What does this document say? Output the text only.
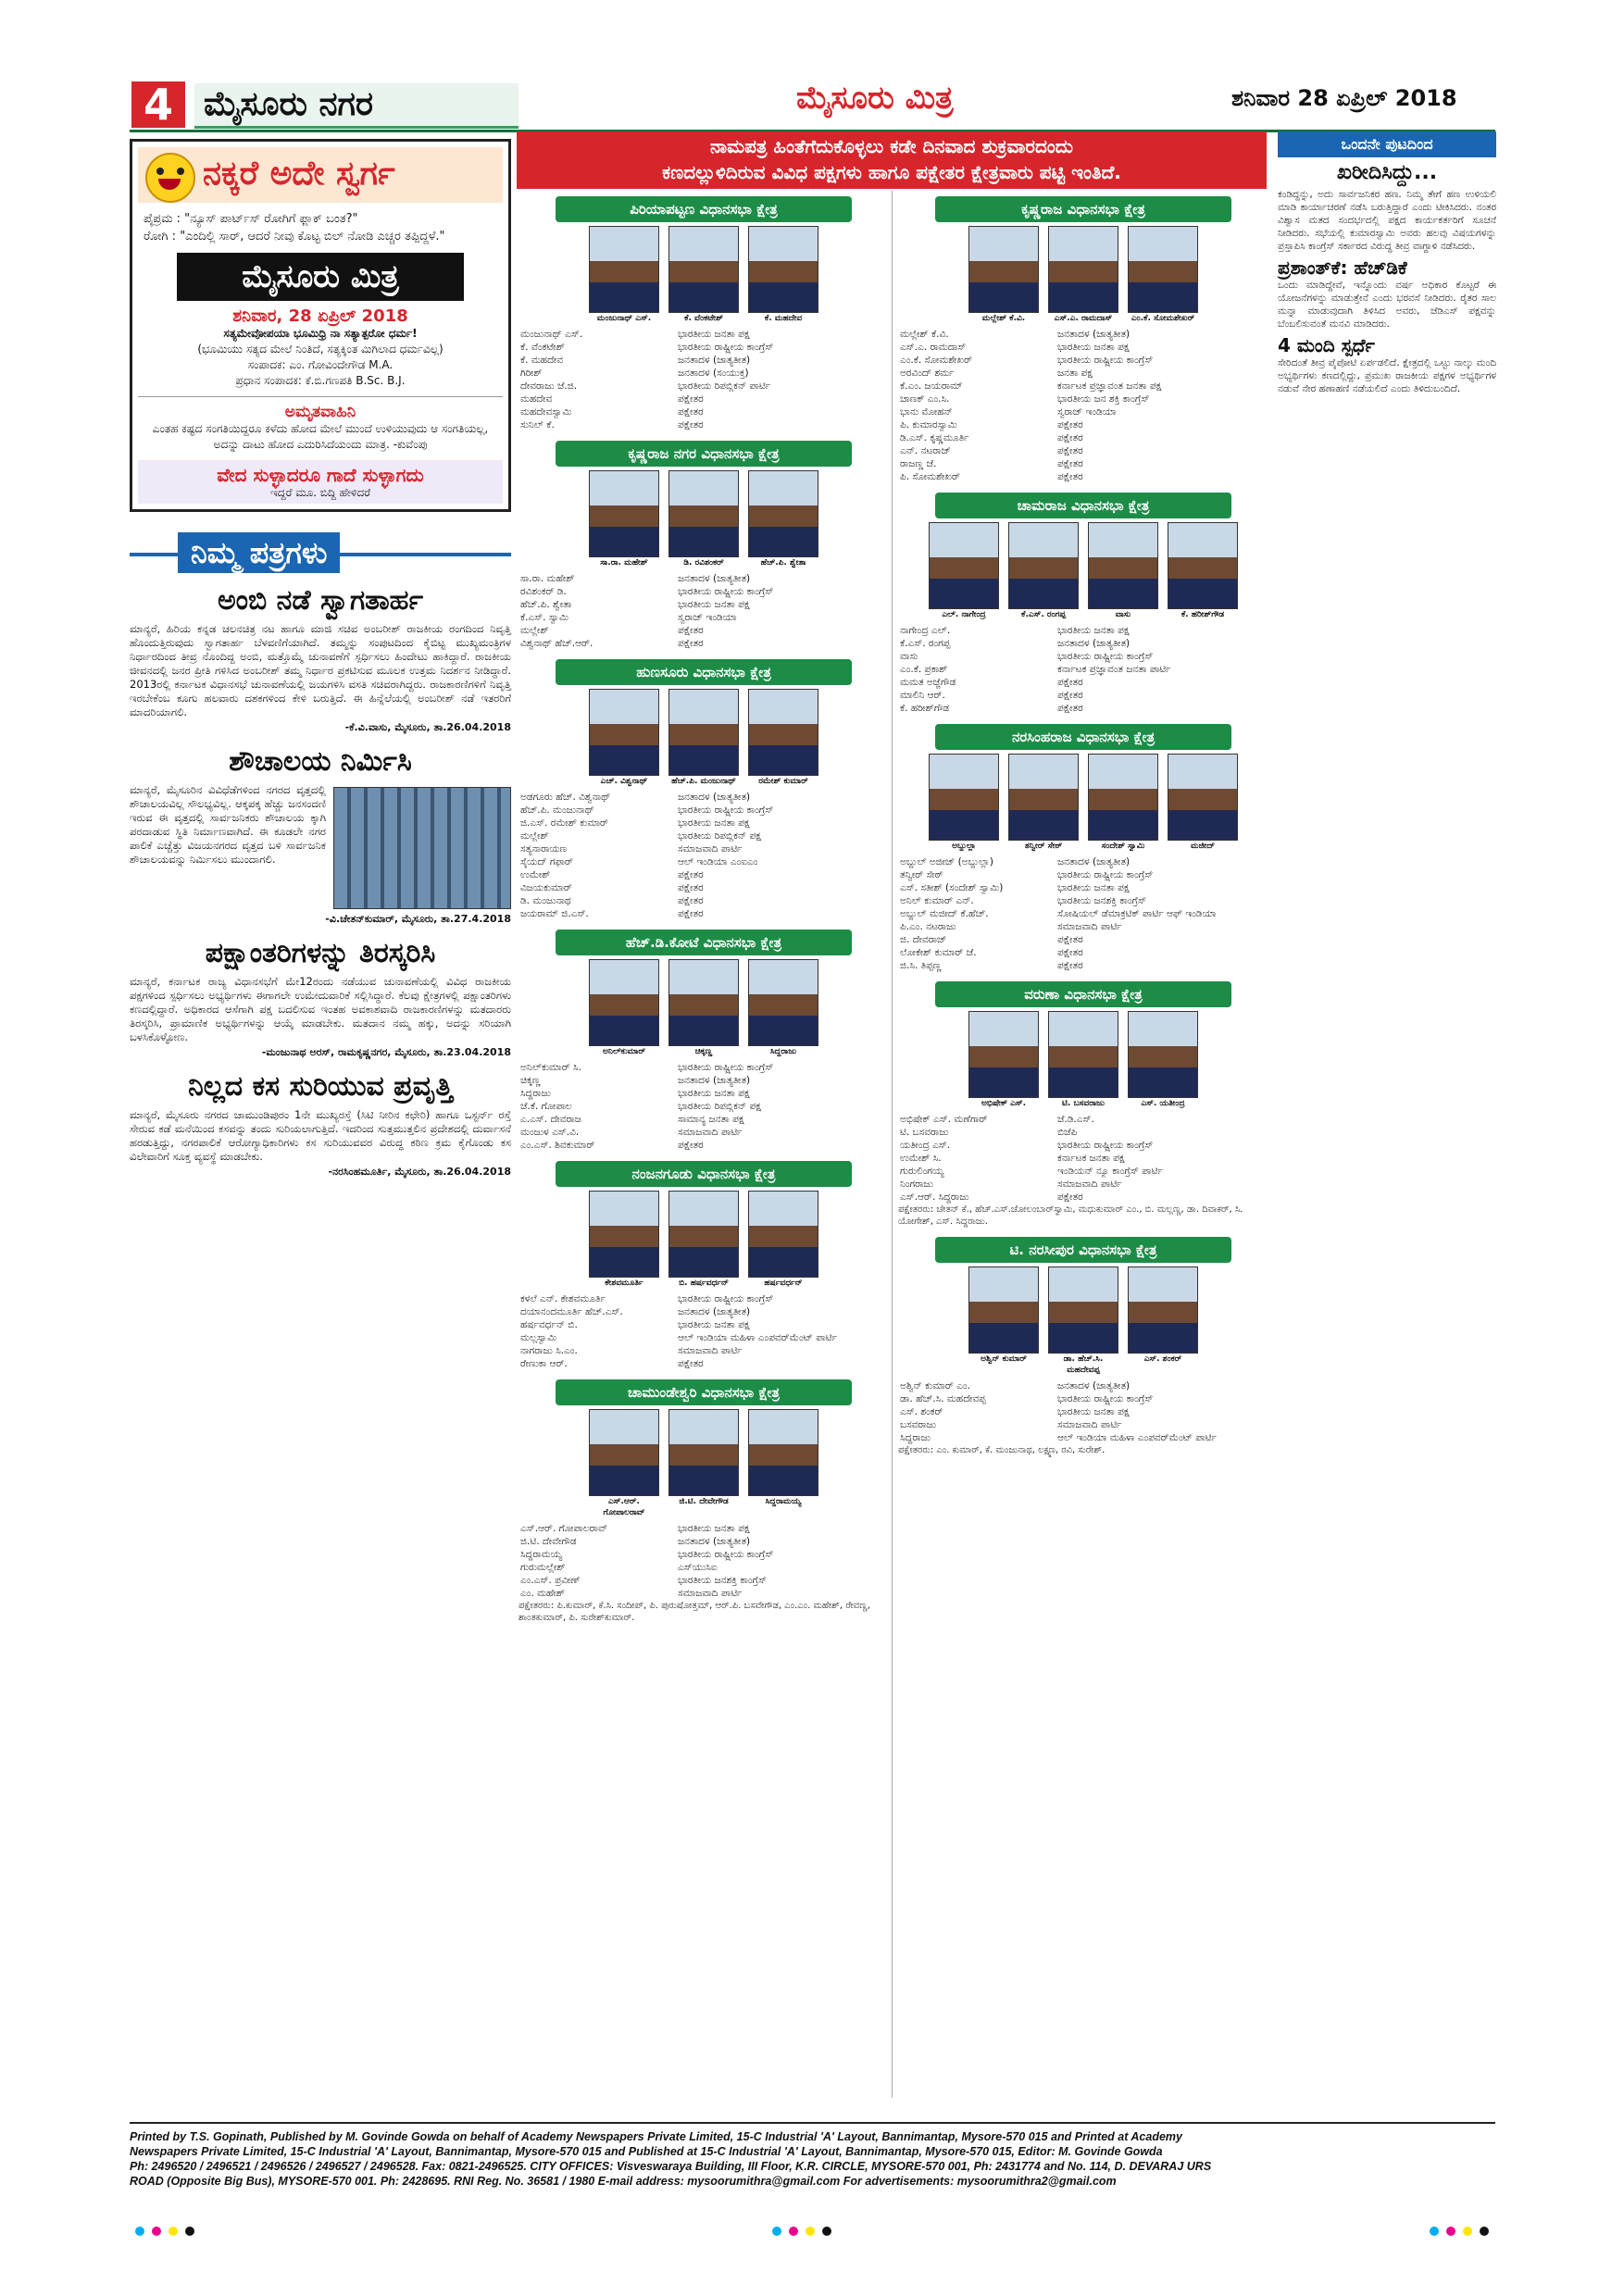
4 ಮೈಸೂರು ನಗರ	ಮೈಸೂರು ಮಿತ್ರ	ಶನಿವಾರ 28 ಏಪ್ರಿಲ್ 2018
ನಕ್ಕರೆ ಅದೇ ಸ್ವರ್ಗ
ಪೈಪ್ರಮ : "ನ್ಯೂಸ್ ಪಾರ್ಟ್‌ಸ್ ರೋಗಿಗೆ ಫ್ಲಾಕ್ ಬಂತ?"
ರೋಗಿ : "ಎಂದಿಲ್ಲಿ ಸಾರ್, ಆದರೆ ನೀವು ಕೊಟ್ಟ ಬಿಲ್ ನೋಡಿ ಎಚ್ಚರ ತಪ್ಪಿದ್ದಳೆ."
ಮೈಸೂರು ಮಿತ್ರ
ಶನಿವಾರ, 28 ಏಪ್ರಿಲ್ 2018
ಸತ್ಯಮೇವೋಪಯಾ ಭೂಮಿಧ್ರಿ ನಾ ಸತ್ಯಾತ್ಪರೋ ಧರ್ಮ!
(ಭೂಮಿಯು ಸತ್ಯದ ಮೇಲೆ ನಿಂತಿದೆ, ಸತ್ಯಕ್ಕಿಂತ ಮಿಗಿಲಾದ ಧರ್ಮವಿಲ್ಲ)
ಸಂಪಾದಕ: ಎಂ. ಗೋವಿಂದೇಗೌಡ M.A.
ಪ್ರಧಾನ ಸಂಪಾದಕ: ಕೆ.ಬಿ.ಗಣಪತಿ B.Sc. B.J.
ಅಮೃತವಾಹಿನಿ
ಎಂತಹ ಕಷ್ಟದ ಸಂಗತಿಯಿದ್ದರೂ ಕಳೆದು ಹೋದ ಮೇಲೆ ಮುಂದೆ ಉಳಿಯುವುದು ಆ ಸಂಗತಿಯಲ್ಲ, ಅದನ್ನು ದಾಟು ಹೋದ ಎದುರಿಸಿದೆಯಂದು ಮಾತ್ರ. -ಕುವೆಂಪು
ವೇದ ಸುಳ್ಳಾದರೂ ಗಾದೆ ಸುಳ್ಳಾಗದು
ಇದ್ದರೆ ಮೂ. ಬಿದ್ದಿ ಹೇಳಿದರೆ
ನಿಮ್ಮ ಪತ್ರಗಳು
ಅಂಬಿ ನಡೆ ಸ್ವಾಗತಾರ್ಹ
ಮಾನ್ಯರೆ, ಹಿರಿಯ ಕನ್ನಡ ಚಲನಚಿತ್ರ ನಟ ಹಾಗೂ ಮಾಜಿ ಸಚಿವ ಅಂಬರೀಶ್ ರಾಜಕೀಯ ರಂಗದಿಂದ ನಿವೃತ್ತಿ ಹೊಂದುತ್ತಿರುವುದು ಸ್ವಾಗತಾರ್ಹ ಬೆಳವಣಿಗೆಯಾಗಿದೆ. ತಮ್ಮನ್ನು ಸಂಪುಟದಿಂದ ಕೈಬಿಟ್ಟ ಮುಖ್ಯಮಂತ್ರಿಗಳ ನಿರ್ಧಾರದಿಂದ ತೀವ್ರ ನೊಂದಿದ್ದ ಅಂಬಿ, ಮತ್ತೊಮ್ಮೆ ಚುನಾವಣೆಗೆ ಸ್ಪರ್ಧಿಸಲು ಹಿಂದೇಟು ಹಾಕಿದ್ದಾರೆ. ರಾಜಕೀಯ ಜೀವನದಲ್ಲಿ ಜನರ ಪ್ರೀತಿ ಗಳಿಸಿದ ಅಂಬರೀಶ್ ತಮ್ಮ ನಿರ್ಧಾರ ಪ್ರಕಟಿಸುವ ಮೂಲಕ ಉತ್ತಮ ನಿದರ್ಶನ ನೀಡಿದ್ದಾರೆ. 2013ರಲ್ಲಿ ಕರ್ನಾಟಕ ವಿಧಾನಸಭೆ ಚುನಾವಣೆಯಲ್ಲಿ ಜಯಗಳಿಸಿ ವಸತಿ ಸಚಿವರಾಗಿದ್ದರು. ರಾಜಕಾರಣಿಗಳಿಗೆ ನಿವೃತ್ತಿ ಇರಬೇಕೆಂಬ ಕೂಗು ಹಲವಾರು ದಶಕಗಳಿಂದ ಕೇಳಿ ಬರುತ್ತಿದೆ. ಈ ಹಿನ್ನೆಲೆಯಲ್ಲಿ ಅಂಬರೀಶ್ ನಡೆ ಇತರರಿಗೆ ಮಾದರಿಯಾಗಲಿ.
-ಕೆ.ವಿ.ವಾಸು, ಮೈಸೂರು, ತಾ.26.04.2018
ಶೌಚಾಲಯ ನಿರ್ಮಿಸಿ
ಮಾನ್ಯರೆ, ಮೈಸೂರಿನ ವಿವಿಧೆಡೆಗಳಿಂದ ನಗರದ ವೃತ್ತದಲ್ಲಿ ಶೌಚಾಲಯವಿಲ್ಲ ಸೌಲಭ್ಯವಿಲ್ಲ. ಆಕ್ಕಪಕ್ಕ ಹೆಚ್ಚು ಜನಸಂದಣಿ ಇರುವ ಈ ವೃತ್ತದಲ್ಲಿ ಸಾರ್ವಜನಿಕರು ಶೌಚಾಲಯ ಕ್ಕಾಗಿ ಪರದಾಡುವ ಸ್ಥಿತಿ ನಿರ್ಮಾಣವಾಗಿದೆ. ಈ ಕೂಡಲೇ ನಗರ ಪಾಲಿಕೆ ಎಚ್ಚೆತ್ತು ವಿಜಯನಗರದ ವೃತ್ತದ ಬಳಿ ಸಾರ್ವಜನಿಕ ಶೌಚಾಲಯವನ್ನು ನಿರ್ಮಿಸಲು ಮುಂದಾಗಲಿ.
-ವಿ.ಚೇತನ್‌ಕುಮಾರ್, ಮೈಸೂರು, ತಾ.27.4.2018
ಪಕ್ಷಾಂತರಿಗಳನ್ನು ತಿರಸ್ಕರಿಸಿ
ಮಾನ್ಯರೆ, ಕರ್ನಾಟಕ ರಾಜ್ಯ ವಿಧಾನಸಭೆಗೆ ಮೇ12ರಂದು ನಡೆಯುವ ಚುನಾವಣೆಯಲ್ಲಿ ವಿವಿಧ ರಾಜಕೀಯ ಪಕ್ಷಗಳಿಂದ ಸ್ಪರ್ಧಿಸಲು ಅಭ್ಯರ್ಥಿಗಳು ಈಗಾಗಲೇ ಉಮೇದುವಾರಿಕೆ ಸಲ್ಲಿಸಿದ್ದಾರೆ. ಕೆಲವು ಕ್ಷೇತ್ರಗಳಲ್ಲಿ ಪಕ್ಷಾಂತರಿಗಳು ಕಣದಲ್ಲಿದ್ದಾರೆ. ಅಧಿಕಾರದ ಆಸೆಗಾಗಿ ಪಕ್ಷ ಬದಲಿಸುವ ಇಂತಹ ಅವಕಾಶವಾದಿ ರಾಜಕಾರಣಿಗಳನ್ನು ಮತದಾರರು ತಿರಸ್ಕರಿಸಿ, ಪ್ರಾಮಾಣಿಕ ಅಭ್ಯರ್ಥಿಗಳನ್ನು ಆಯ್ಕೆ ಮಾಡಬೇಕು. ಮತದಾನ ನಮ್ಮ ಹಕ್ಕು, ಅದನ್ನು ಸರಿಯಾಗಿ ಬಳಸಿಕೊಳ್ಳೋಣ.
-ಮಂಜುನಾಥ ಅರಸ್, ರಾಮಕೃಷ್ಣನಗರ, ಮೈಸೂರು, ತಾ.23.04.2018
ನಿಲ್ಲದ ಕಸ ಸುರಿಯುವ ಪ್ರವೃತ್ತಿ
ಮಾನ್ಯರೆ, ಮೈಸೂರು ನಗರದ ಚಾಮುಂಡಿಪುರಂ 1ನೇ ಮುಖ್ಯರಸ್ತೆ (ಸಿಟಿ ನೀರಿನ ಕಛೇರಿ) ಹಾಗೂ ಒಸ್ಟರ್ನ್ ರಸ್ತೆ ಸೇರುವ ಕಡೆ ಮನೆಯಿಂದ ಕಸವನ್ನು ತಂದು ಸುರಿಯಲಾಗುತ್ತಿದೆ. ಇದರಿಂದ ಸುತ್ತಮುತ್ತಲಿನ ಪ್ರದೇಶದಲ್ಲಿ ದುರ್ವಾಸನೆ ಹರಡುತ್ತಿದ್ದು, ನಗರಪಾಲಿಕೆ ಆರೋಗ್ಯಾಧಿಕಾರಿಗಳು ಕಸ ಸುರಿಯುವವರ ವಿರುದ್ಧ ಕಠಿಣ ಕ್ರಮ ಕೈಗೊಂಡು ಕಸ ವಿಲೇವಾರಿಗೆ ಸೂಕ್ತ ವ್ಯವಸ್ಥೆ ಮಾಡಬೇಕು.
-ನರಸಿಂಹಮೂರ್ತಿ, ಮೈಸೂರು, ತಾ.26.04.2018
ನಾಮಪತ್ರ ಹಿಂತೆಗೆದುಕೊಳ್ಳಲು ಕಡೇ ದಿನವಾದ ಶುಕ್ರವಾರದಂದು
ಕಣದಲ್ಲುಳಿದಿರುವ ವಿವಿಧ ಪಕ್ಷಗಳು ಹಾಗೂ ಪಕ್ಷೇತರ ಕ್ಷೇತ್ರವಾರು ಪಟ್ಟಿ ಇಂತಿದೆ.
ಪಿರಿಯಾಪಟ್ಟಣ ವಿಧಾನಸಭಾ ಕ್ಷೇತ್ರ
ಮಂಜುನಾಥ್ ಎಸ್.	ಕೆ. ವೆಂಕಟೇಶ್	ಕೆ. ಮಹದೇವ
ಮಂಜುನಾಥ್ ಎಸ್.	ಭಾರತೀಯ ಜನತಾ ಪಕ್ಷ
ಕೆ. ವೆಂಕಟೇಶ್	ಭಾರತೀಯ ರಾಷ್ಟ್ರೀಯ ಕಾಂಗ್ರೆಸ್
ಕೆ. ಮಹದೇವ	ಜನತಾದಳ (ಜಾತ್ಯತೀತ)
ಗಿರೀಶ್	ಜನತಾದಳ (ಸಂಯುಕ್ತ)
ದೇವರಾಜು ಜೆ.ಜಿ.	ಭಾರತೀಯ ರಿಪಬ್ಲಿಕನ್ ಪಾರ್ಟಿ
ಮಹದೇವ	ಪಕ್ಷೇತರ
ಮಹದೇವಸ್ವಾಮಿ	ಪಕ್ಷೇತರ
ಸುನಿಲ್ ಕೆ.	ಪಕ್ಷೇತರ
ಕೃಷ್ಣರಾಜ ನಗರ ವಿಧಾನಸಭಾ ಕ್ಷೇತ್ರ
ಸಾ.ರಾ. ಮಹೇಶ್	ಡಿ. ರವಿಶಂಕರ್	ಹೆಚ್.ಪಿ. ಶ್ವೇತಾ
ಸಾ.ರಾ. ಮಹೇಶ್	ಜನತಾದಳ (ಜಾತ್ಯತೀತ)
ರವಿಶಂಕರ್ ಡಿ.	ಭಾರತೀಯ ರಾಷ್ಟ್ರೀಯ ಕಾಂಗ್ರೆಸ್
ಹೆಚ್.ಪಿ. ಶ್ವೇತಾ	ಭಾರತೀಯ ಜನತಾ ಪಕ್ಷ
ಕೆ.ಎಸ್. ಸ್ವಾಮಿ	ಸ್ವರಾಜ್ ಇಂಡಿಯಾ
ಮಲ್ಲೇಶ್	ಪಕ್ಷೇತರ
ವಿಶ್ವನಾಥ್ ಹೆಚ್.ಆರ್.	ಪಕ್ಷೇತರ
ಹುಣಸೂರು ವಿಧಾನಸಭಾ ಕ್ಷೇತ್ರ
ಎಚ್. ವಿಶ್ವನಾಥ್	ಹೆಚ್.ಪಿ. ಮಂಜುನಾಥ್	ರಮೇಶ್ ಕುಮಾರ್
ಅಡಗೂರು ಹೆಚ್. ವಿಶ್ವನಾಥ್	ಜನತಾದಳ (ಜಾತ್ಯತೀತ)
ಹೆಚ್.ಪಿ. ಮಂಜುನಾಥ್	ಭಾರತೀಯ ರಾಷ್ಟ್ರೀಯ ಕಾಂಗ್ರೆಸ್
ಜಿ.ಎಸ್. ರಮೇಶ್ ಕುಮಾರ್	ಭಾರತೀಯ ಜನತಾ ಪಕ್ಷ
ಮಲ್ಲೇಶ್	ಭಾರತೀಯ ರಿಪಬ್ಲಿಕನ್ ಪಕ್ಷ
ಸತ್ಯನಾರಾಯಣ	ಸಮಾಜವಾದಿ ಪಾರ್ಟಿ
ಸೈಯದ್ ಗಫಾರ್	ಆಲ್ ಇಂಡಿಯಾ ಎಂಐಎಂ
ಉಮೇಶ್	ಪಕ್ಷೇತರ
ವಿಜಯಕುಮಾರ್	ಪಕ್ಷೇತರ
ಡಿ. ಮಂಜುನಾಥ	ಪಕ್ಷೇತರ
ಜಯರಾಮ್ ಜಿ.ಎಸ್.	ಪಕ್ಷೇತರ
ಹೆಚ್.ಡಿ.ಕೋಟೆ ವಿಧಾನಸಭಾ ಕ್ಷೇತ್ರ
ಅನಿಲ್‌ಕುಮಾರ್	ಚಿಕ್ಕಣ್ಣ	ಸಿದ್ದರಾಜು
ಅನಿಲ್‌ಕುಮಾರ್ ಸಿ.	ಭಾರತೀಯ ರಾಷ್ಟ್ರೀಯ ಕಾಂಗ್ರೆಸ್
ಚಿಕ್ಕಣ್ಣ	ಜನತಾದಳ (ಜಾತ್ಯತೀತ)
ಸಿದ್ದರಾಜು	ಭಾರತೀಯ ಜನತಾ ಪಕ್ಷ
ಜೆ.ಕೆ. ಗೋಪಾಲ	ಭಾರತೀಯ ರಿಪಬ್ಲಿಕನ್ ಪಕ್ಷ
ಎ.ಎಸ್. ದೇವರಾಜ	ಸಾಮಾನ್ಯ ಜನತಾ ಪಕ್ಷ
ಮಂಜುಳ ಎಸ್.ವಿ.	ಸಮಾಜವಾದಿ ಪಾರ್ಟಿ
ಎಂ.ಎಸ್. ಶಿವಕುಮಾರ್	ಪಕ್ಷೇತರ
ನಂಜನಗೂಡು ವಿಧಾನಸಭಾ ಕ್ಷೇತ್ರ
ಕೇಶವಮೂರ್ತಿ	ಬಿ. ಹರ್ಷವರ್ಧನ್	ಹರ್ಷವರ್ಧನ್
ಕಳಲೆ ಎನ್. ಕೇಶವಮೂರ್ತಿ	ಭಾರತೀಯ ರಾಷ್ಟ್ರೀಯ ಕಾಂಗ್ರೆಸ್
ದಯಾನಂದಮೂರ್ತಿ ಹೆಚ್.ಎಸ್.	ಜನತಾದಳ (ಜಾತ್ಯತೀತ)
ಹರ್ಷವರ್ಧನ್ ಬಿ.	ಭಾರತೀಯ ಜನತಾ ಪಕ್ಷ
ಮಲ್ಲಸ್ವಾಮಿ	ಆಲ್ ಇಂಡಿಯಾ ಮಹಿಳಾ ಎಂಪವರ್‌ಮೆಂಟ್ ಪಾರ್ಟಿ
ನಾಗರಾಜು ಸಿ.ಎಂ.	ಸಮಾಜವಾದಿ ಪಾರ್ಟಿ
ರೇಣುಕಾ ಆರ್.	ಪಕ್ಷೇತರ
ಚಾಮುಂಡೇಶ್ವರಿ ವಿಧಾನಸಭಾ ಕ್ಷೇತ್ರ
ಎಸ್.ಆರ್. ಗೋಪಾಲರಾವ್
ಜಿ.ಟಿ. ದೇವೇಗೌಡ	ಸಿದ್ದರಾಮಯ್ಯ
ಎಸ್.ಆರ್. ಗೋಪಾಲರಾವ್	ಭಾರತೀಯ ಜನತಾ ಪಕ್ಷ
ಜಿ.ಟಿ. ದೇವೇಗೌಡ	ಜನತಾದಳ (ಜಾತ್ಯತೀತ)
ಸಿದ್ದರಾಮಯ್ಯ	ಭಾರತೀಯ ರಾಷ್ಟ್ರೀಯ ಕಾಂಗ್ರೆಸ್
ಗುರುಮಲ್ಲೇಶ್	ಎಸ್‌ಯುಸಿಐ
ಎಂ.ಎಸ್. ಪ್ರವೀಣ್	ಭಾರತೀಯ ಜನಶಕ್ತಿ ಕಾಂಗ್ರೆಸ್
ಎಂ. ಮಹೇಶ್	ಸಮಾಜವಾದಿ ಪಾರ್ಟಿ
ಪಕ್ಷೇತರರು: ಪಿ.ಕುಮಾರ್, ಕೆ.ಸಿ. ಸಂದೀಪ್, ಪಿ. ಪುರುಷೋತ್ತಮ್, ಆರ್.ಪಿ. ಬಸವೇಗೌಡ, ಎಂ.ಎಂ. ಮಹೇಶ್, ರೇವಣ್ಣ, ಶಾಂತಕುಮಾರ್, ಪಿ. ಸುರೇಶ್‌ಕುಮಾರ್.
ಕೃಷ್ಣರಾಜ ವಿಧಾನಸಭಾ ಕ್ಷೇತ್ರ
ಮಲ್ಲೇಶ್ ಕೆ.ವಿ.	ಎಸ್.ಎ. ರಾಮದಾಸ್	ಎಂ.ಕೆ. ಸೋಮಶೇಖರ್
ಮಲ್ಲೇಶ್ ಕೆ.ವಿ.	ಜನತಾದಳ (ಜಾತ್ಯತೀತ)
ಎಸ್.ಎ. ರಾಮದಾಸ್	ಭಾರತೀಯ ಜನತಾ ಪಕ್ಷ
ಎಂ.ಕೆ. ಸೋಮಶೇಖರ್	ಭಾರತೀಯ ರಾಷ್ಟ್ರೀಯ ಕಾಂಗ್ರೆಸ್
ಅರವಿಂದ್ ಶರ್ಮ	ಜನತಾ ಪಕ್ಷ
ಕೆ.ಎಂ. ಜಯರಾಮ್	ಕರ್ನಾಟಕ ಪ್ರಜ್ಞಾವಂತ ಜನತಾ ಪಕ್ಷ
ಚಾಣಕ್ ಎಂ.ಸಿ.	ಭಾರತೀಯ ಜನ ಶಕ್ತಿ ಕಾಂಗ್ರೆಸ್
ಭಾನು ಮೋಹನ್	ಸ್ವರಾಜ್ ಇಂಡಿಯಾ
ಪಿ. ಕುಮಾರಸ್ವಾಮಿ	ಪಕ್ಷೇತರ
ಡಿ.ಎಸ್. ಕೃಷ್ಣಮೂರ್ತಿ	ಪಕ್ಷೇತರ
ಎನ್. ನಟರಾಜ್	ಪಕ್ಷೇತರ
ರಾಜಣ್ಣ ಜೆ.	ಪಕ್ಷೇತರ
ಪಿ. ಸೋಮಶೇಖರ್	ಪಕ್ಷೇತರ
ಚಾಮರಾಜ ವಿಧಾನಸಭಾ ಕ್ಷೇತ್ರ
ಎಲ್. ನಾಗೇಂದ್ರ	ಕೆ.ಎಸ್. ರಂಗಪ್ಪ	ವಾಸು	ಕೆ. ಹರೀಶ್‌ಗೌಡ
ನಾಗೇಂದ್ರ ಎಲ್.	ಭಾರತೀಯ ಜನತಾ ಪಕ್ಷ
ಕೆ.ಎಸ್. ರಂಗಪ್ಪ	ಜನತಾದಳ (ಜಾತ್ಯತೀತ)
ವಾಸು	ಭಾರತೀಯ ರಾಷ್ಟ್ರೀಯ ಕಾಂಗ್ರೆಸ್
ಎಂ.ಕೆ. ಪ್ರಕಾಶ್	ಕರ್ನಾಟಕ ಪ್ರಜ್ಞಾವಂತ ಜನತಾ ಪಾರ್ಟಿ
ಮಮತ ಅಜ್ಜೆಗೌಡ	ಪಕ್ಷೇತರ
ಮಾಲಿನಿ ಆರ್.	ಪಕ್ಷೇತರ
ಕೆ. ಹರೀಶ್‌ಗೌಡ	ಪಕ್ಷೇತರ
ನರಸಿಂಹರಾಜ ವಿಧಾನಸಭಾ ಕ್ಷೇತ್ರ
ಅಬ್ದುಲ್ಲಾ	ತನ್ವೀರ್ ಸೇಠ್	ಸಂದೇಶ್ ಸ್ವಾಮಿ	ಮಜೀದ್
ಅಬ್ದುಲ್ ಅಜೀಜ್ (ಅಬ್ದುಲ್ಲಾ)	ಜನತಾದಳ (ಜಾತ್ಯತೀತ)
ತನ್ವೀರ್ ಸೇಠ್	ಭಾರತೀಯ ರಾಷ್ಟ್ರೀಯ ಕಾಂಗ್ರೆಸ್
ಎಸ್. ಸತೀಶ್ (ಸಂದೇಶ್ ಸ್ವಾಮಿ)	ಭಾರತೀಯ ಜನತಾ ಪಕ್ಷ
ಅನಿಲ್ ಕುಮಾರ್ ಎನ್.	ಭಾರತೀಯ ಜನಶಕ್ತಿ ಕಾಂಗ್ರೆಸ್
ಅಬ್ದುಲ್ ಮಜೀದ್ ಕೆ.ಹೆಚ್.	ಸೋಷಿಯಲ್ ಡೆಮಾಕ್ರಟಿಕ್ ಪಾರ್ಟಿ ಆಫ್ ಇಂಡಿಯಾ
ಪಿ.ಎಂ. ನಟರಾಜು	ಸಮಾಜವಾದಿ ಪಾರ್ಟಿ
ಜಿ. ದೇವರಾಜ್	ಪಕ್ಷೇತರ
ಲೋಕೇಶ್ ಕುಮಾರ್ ಜೆ.	ಪಕ್ಷೇತರ
ಜಿ.ಸಿ. ತಿಪ್ಪಣ್ಣ	ಪಕ್ಷೇತರ
ವರುಣಾ ವಿಧಾನಸಭಾ ಕ್ಷೇತ್ರ
ಅಭಿಷೇಕ್ ಎಸ್.	ಟಿ. ಬಸವರಾಜು	ಎಸ್. ಯತೀಂದ್ರ
ಅಭಿಷೇಕ್ ಎಸ್. ಮಣೆಗಾರ್	ಜೆ.ಡಿ.ಎಸ್.
ಟಿ. ಬಸವರಾಜು	ಬಿಜೆಪಿ
ಯತೀಂದ್ರ ಎಸ್.	ಭಾರತೀಯ ರಾಷ್ಟ್ರೀಯ ಕಾಂಗ್ರೆಸ್
ಉಮೇಶ್ ಸಿ.	ಕರ್ನಾಟಕ ಜನತಾ ಪಕ್ಷ
ಗುರುಲಿಂಗಯ್ಯ	ಇಂಡಿಯನ್ ನ್ಯೂ ಕಾಂಗ್ರೆಸ್ ಪಾರ್ಟಿ
ನಿಂಗರಾಜು	ಸಮಾಜವಾದಿ ಪಾರ್ಟಿ
ಎಸ್.ಆರ್. ಸಿದ್ದರಾಜು	ಪಕ್ಷೇತರ
ಪಕ್ಷೇತರರು: ಚೇತನ್ ಕೆ., ಹೆಚ್.ಎಸ್.ಚೋಲಂಬಾರ್‌ಸ್ವಾಮಿ, ಮಧುಕುಮಾರ್ ಎಂ., ಬಿ. ಮಲ್ಲಣ್ಣ, ಡಾ. ದಿವಾಕರ್, ಸಿ. ಯೋಗೇಶ್, ಎಸ್. ಸಿದ್ದರಾಜು.
ಟಿ. ನರಸೀಪುರ ವಿಧಾನಸಭಾ ಕ್ಷೇತ್ರ
ಅಶ್ವಿನ್ ಕುಮಾರ್	ಡಾ. ಹೆಚ್.ಸಿ. ಮಹದೇವಪ್ಪ
ಎಸ್. ಶಂಕರ್
ಅಶ್ವಿನ್ ಕುಮಾರ್ ಎಂ.	ಜನತಾದಳ (ಜಾತ್ಯತೀತ)
ಡಾ. ಹೆಚ್.ಸಿ. ಮಹದೇವಪ್ಪ	ಭಾರತೀಯ ರಾಷ್ಟ್ರೀಯ ಕಾಂಗ್ರೆಸ್
ಎಸ್. ಶಂಕರ್	ಭಾರತೀಯ ಜನತಾ ಪಕ್ಷ
ಬಸವರಾಜು	ಸಮಾಜವಾದಿ ಪಾರ್ಟಿ
ಸಿದ್ದರಾಜು	ಆಲ್ ಇಂಡಿಯಾ ಮಹಿಳಾ ಎಂಪವರ್‌ಮೆಂಟ್ ಪಾರ್ಟಿ
ಪಕ್ಷೇತರರು: ಎಂ. ಕುಮಾರ್, ಕೆ. ಮಂಜುನಾಥ, ಲಕ್ಷ್ಮಣ, ರವಿ, ಸುರೇಶ್.
ಒಂದನೇ ಪುಟದಿಂದ
ಖರೀದಿಸಿದ್ದು...
ಕಂಡಿದ್ದನ್ನು, ಅದು ಸಾರ್ವಜನಿಕರ ಹಣ. ನಿಮ್ಮ ತೇಗೆ ಹಣ ಉಳಿಯಲಿ ಮಾಡಿ ಕಾರ್ಯಾಚರಣೆ ನಡೆಸಿ ಬರುತ್ತಿದ್ದಾರೆ ಎಂದು ಟೀಕಿಸಿದರು. ನಂತರ ವಿಶ್ವಾಸ ಮತದ ಸಂದರ್ಭದಲ್ಲಿ ಪಕ್ಷದ ಕಾರ್ಯಕರ್ತರಿಗೆ ಸೂಚನೆ ನೀಡಿದರು. ಸಭೆಯಲ್ಲಿ ಕುಮಾರಸ್ವಾಮಿ ಅವರು ಹಲವು ವಿಷಯಗಳನ್ನು ಪ್ರಸ್ತಾಪಿಸಿ ಕಾಂಗ್ರೆಸ್ ಸರ್ಕಾರದ ವಿರುದ್ಧ ತೀವ್ರ ವಾಗ್ದಾಳಿ ನಡೆಸಿದರು.
ಪ್ರಶಾಂತ್‌ಕೆ: ಹೆಚ್‌ಡಿಕೆ
ಒಂದು ಮಾಡಿದ್ದೇವೆ, ಇನ್ನೊಂದು ವರ್ಷ ಅಧಿಕಾರ ಕೊಟ್ಟರೆ ಈ ಯೋಜನೆಗಳನ್ನು ಮಾಡುತ್ತೇನೆ ಎಂದು ಭರವಸೆ ನೀಡಿದರು. ರೈತರ ಸಾಲ ಮನ್ನಾ ಮಾಡುವುದಾಗಿ ತಿಳಿಸಿದ ಅವರು, ಜೆಡಿಎಸ್ ಪಕ್ಷವನ್ನು ಬೆಂಬಲಿಸುವಂತೆ ಮನವಿ ಮಾಡಿದರು.
4 ಮಂದಿ ಸ್ಪರ್ಧೆ
ಸೇರಿದಂತೆ ತೀವ್ರ ಪೈಪೋಟಿ ಏರ್ಪಡಲಿದೆ. ಕ್ಷೇತ್ರದಲ್ಲಿ ಒಟ್ಟು ನಾಲ್ಕು ಮಂದಿ ಅಭ್ಯರ್ಥಿಗಳು ಕಣದಲ್ಲಿದ್ದು, ಪ್ರಮುಖ ರಾಜಕೀಯ ಪಕ್ಷಗಳ ಅಭ್ಯರ್ಥಿಗಳ ನಡುವೆ ನೇರ ಹಣಾಹಣಿ ನಡೆಯಲಿದೆ ಎಂದು ತಿಳಿದುಬಂದಿದೆ.
Printed by T.S. Gopinath, Published by M. Govinde Gowda on behalf of Academy Newspapers Private Limited, 15-C Industrial 'A' Layout, Bannimantap, Mysore-570 015 and Printed at Academy
Newspapers Private Limited, 15-C Industrial 'A' Layout, Bannimantap, Mysore-570 015 and Published at 15-C Industrial 'A' Layout, Bannimantap, Mysore-570 015, Editor: M. Govinde Gowda
Ph: 2496520 / 2496521 / 2496526 / 2496527 / 2496528. Fax: 0821-2496525. CITY OFFICES: Visveswaraya Building, III Floor, K.R. CIRCLE, MYSORE-570 001, Ph: 2431774 and No. 114, D. DEVARAJ URS
ROAD (Opposite Big Bus), MYSORE-570 001. Ph: 2428695. RNI Reg. No. 36581 / 1980 E-mail address: mysoorumithra@gmail.com For advertisements: mysoorumithra2@gmail.com
